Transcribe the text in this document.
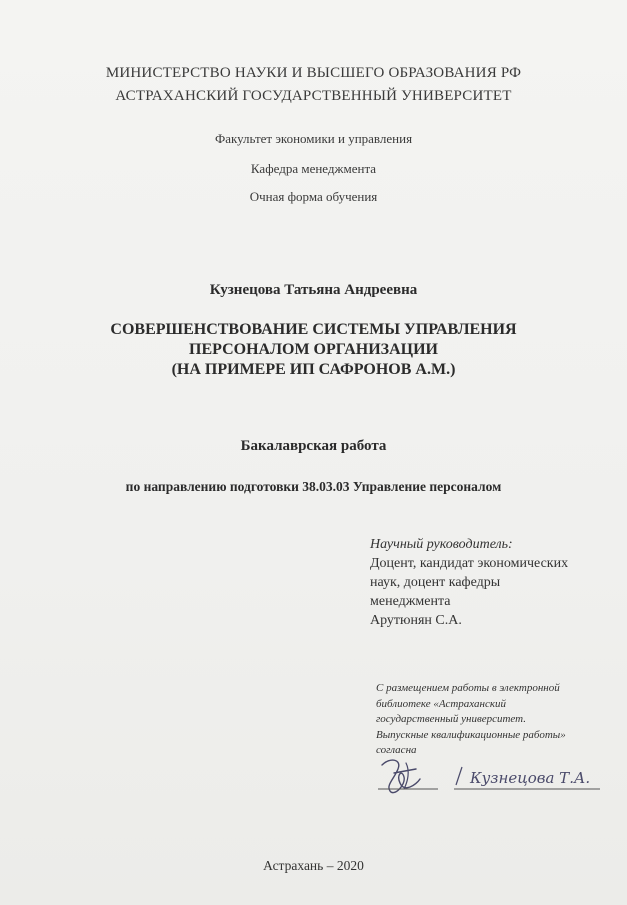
МИНИСТЕРСТВО НАУКИ И ВЫСШЕГО ОБРАЗОВАНИЯ РФ
АСТРАХАНСКИЙ ГОСУДАРСТВЕННЫЙ УНИВЕРСИТЕТ
Факультет экономики и управления
Кафедра менеджмента
Очная форма обучения
Кузнецова Татьяна Андреевна
СОВЕРШЕНСТВОВАНИЕ СИСТЕМЫ УПРАВЛЕНИЯ
ПЕРСОНАЛОМ ОРГАНИЗАЦИИ
(НА ПРИМЕРЕ ИП САФРОНОВ А.М.)
Бакалаврская работа
по направлению подготовки 38.03.03 Управление персоналом
Научный руководитель:
Доцент, кандидат экономических
наук, доцент кафедры
менеджмента
Арутюнян С.А.
С размещением работы в электронной
библиотеке «Астраханский
государственный университет.
Выпускные квалификационные работы»
согласна
Кузнецова Т.А.
Астрахань – 2020
